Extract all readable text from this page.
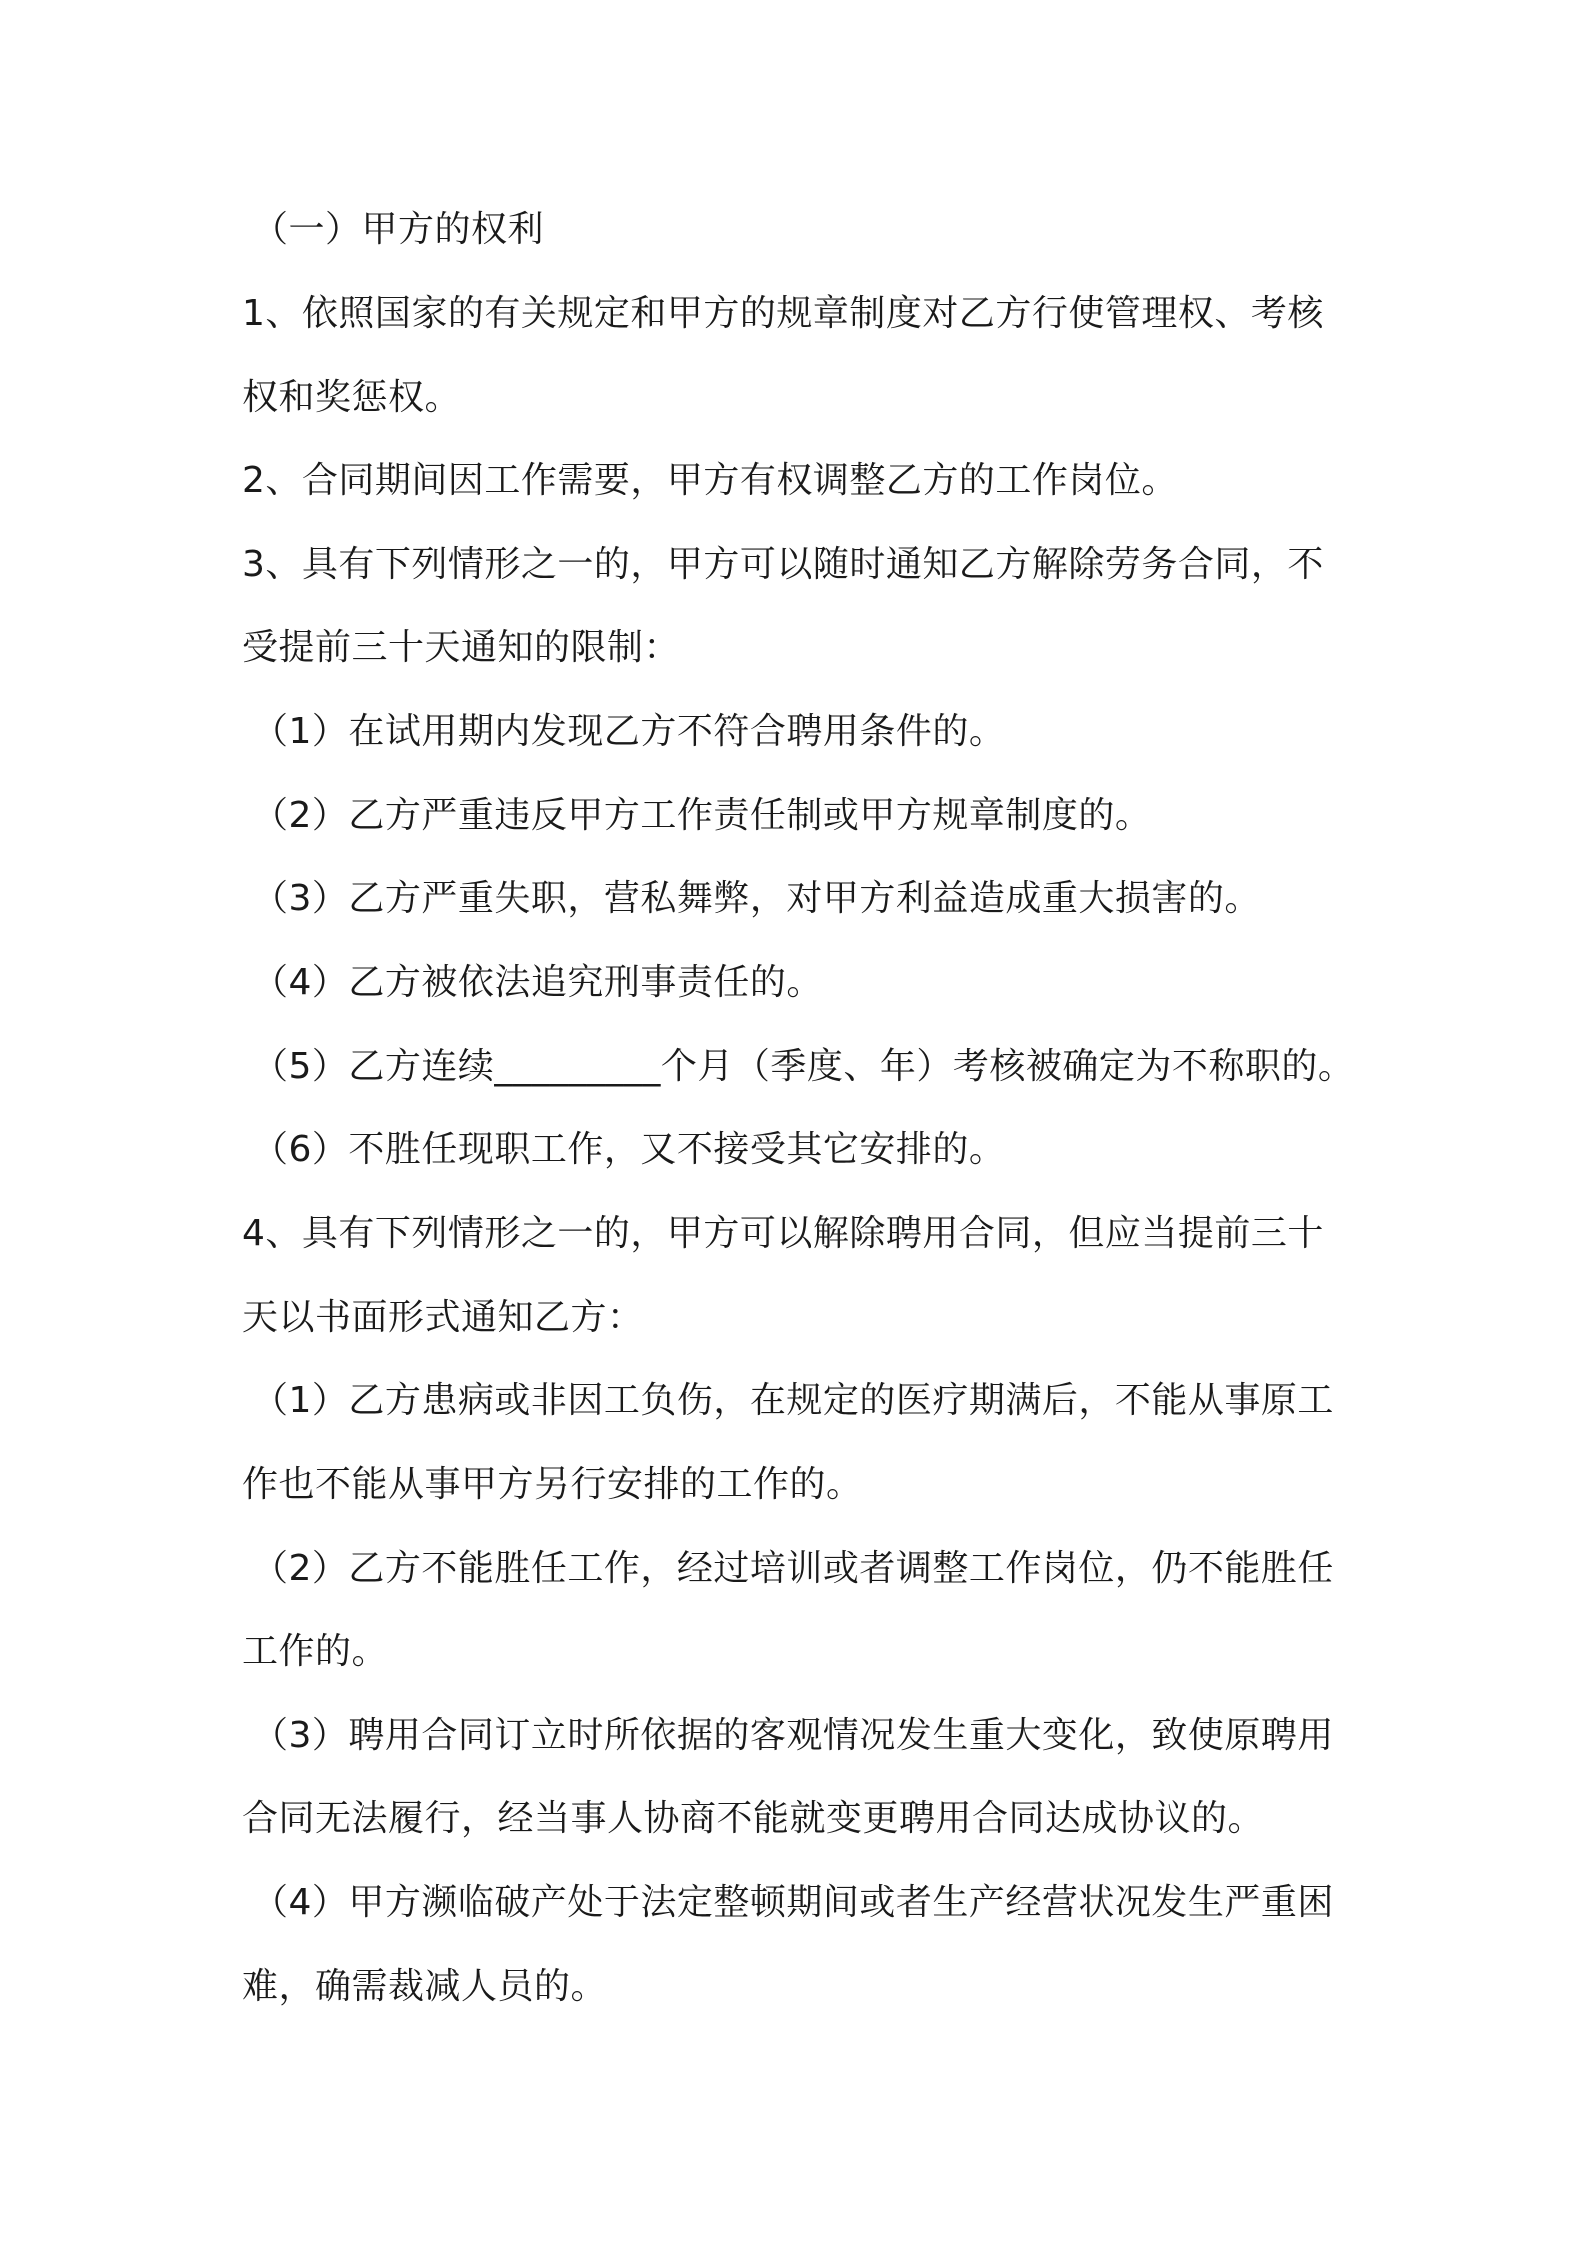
（一）甲方的权利
1、依照国家的有关规定和甲方的规章制度对乙方行使管理权、考核
权和奖惩权。
2、合同期间因工作需要，甲方有权调整乙方的工作岗位。
3、具有下列情形之一的，甲方可以随时通知乙方解除劳务合同，不
受提前三十天通知的限制：
（1）在试用期内发现乙方不符合聘用条件的。
（2）乙方严重违反甲方工作责任制或甲方规章制度的。
（3）乙方严重失职，营私舞弊，对甲方利益造成重大损害的。
（4）乙方被依法追究刑事责任的。
（5）乙方连续_________个月（季度、年）考核被确定为不称职的。
（6）不胜任现职工作，又不接受其它安排的。
4、具有下列情形之一的，甲方可以解除聘用合同，但应当提前三十
天以书面形式通知乙方：
（1）乙方患病或非因工负伤，在规定的医疗期满后，不能从事原工
作也不能从事甲方另行安排的工作的。
（2）乙方不能胜任工作，经过培训或者调整工作岗位，仍不能胜任
工作的。
（3）聘用合同订立时所依据的客观情况发生重大变化，致使原聘用
合同无法履行，经当事人协商不能就变更聘用合同达成协议的。
（4）甲方濒临破产处于法定整顿期间或者生产经营状况发生严重困
难，确需裁减人员的。
